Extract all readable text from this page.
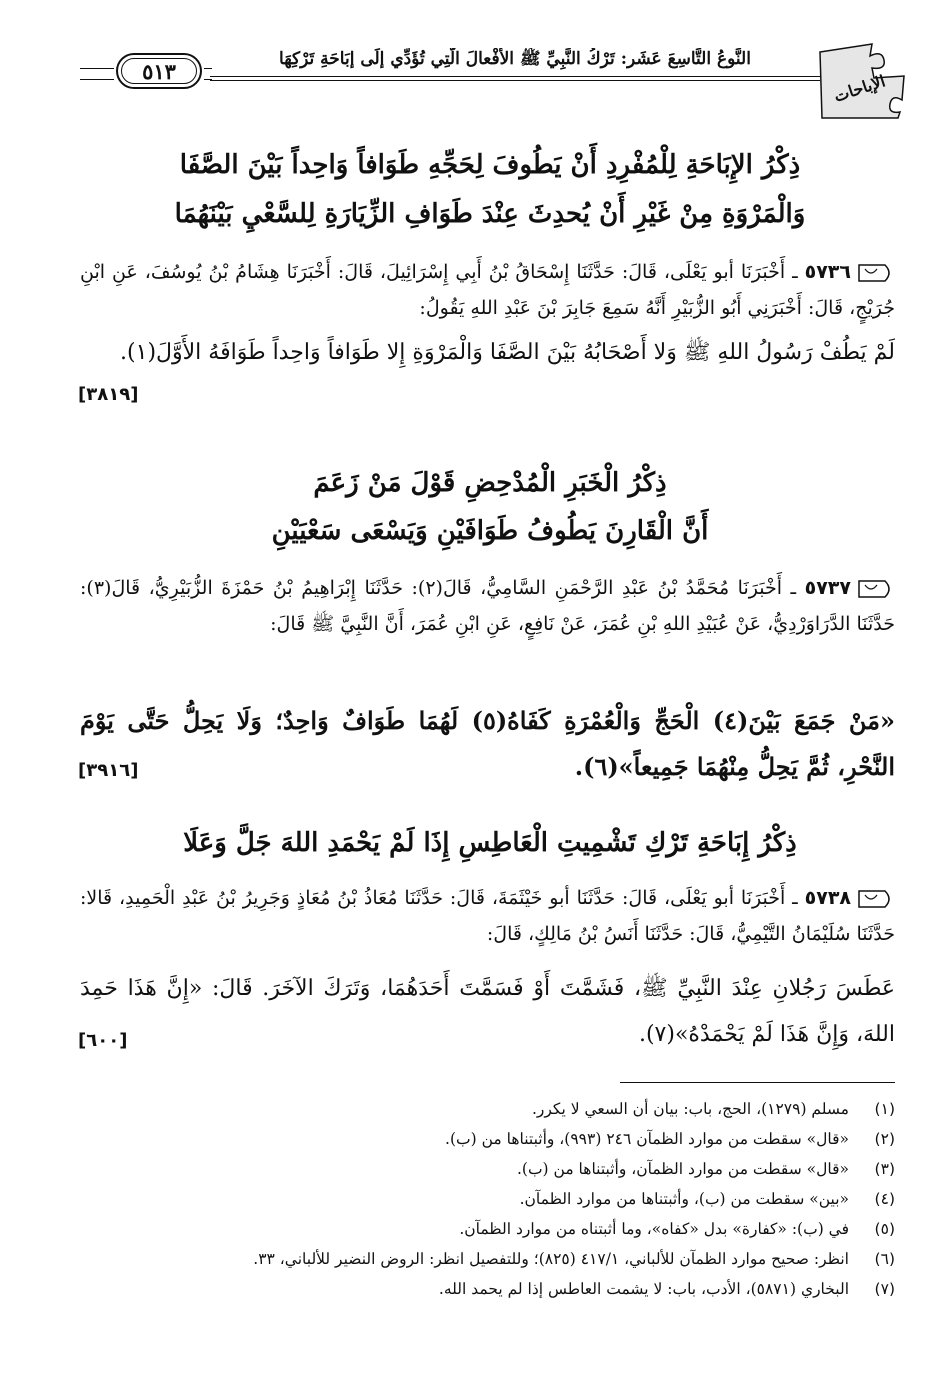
النَّوعُ التَّاسِعَ عَشَر: تَرْكُ النَّبِيِّ ﷺ الأفْعالَ الَّتِي تُؤَدِّي إلَى إبَاحَةِ تَرْكِهَا
٥١٣
الإباحات
ذِكْرُ الإِبَاحَةِ لِلْمُفْرِدِ أَنْ يَطُوفَ لِحَجِّهِ طَوَافاً وَاحِداً بَيْنَ الصَّفَا
وَالْمَرْوَةِ مِنْ غَيْرِ أَنْ يُحدِثَ عِنْدَ طَوَافِ الزِّيَارَةِ لِلسَّعْيِ بَيْنَهُمَا
٥٧٣٦ ـ أَخْبَرَنَا أبو يَعْلَى، قَالَ: حَدَّثَنَا إِسْحَاقُ بْنُ أَبِي إِسْرَائِيلَ، قَالَ: أَخْبَرَنَا هِشَامُ بْنُ يُوسُفَ، عَنِ ابْنِ جُرَيْجٍ، قَالَ: أَخْبَرَنِي أَبُو الزُّبَيْرِ أَنَّهُ سَمِعَ جَابِرَ بْنَ عَبْدِ اللهِ يَقُولُ:
لَمْ يَطُفْ رَسُولُ اللهِ ﷺ وَلا أَصْحَابُهُ بَيْنَ الصَّفَا وَالْمَرْوَةِ إِلا طَوَافاً وَاحِداً طَوَافَهُ الأَوَّلَ(١).
[٣٨١٩]
ذِكْرُ الْخَبَرِ الْمُدْحِضِ قَوْلَ مَنْ زَعَمَ
أَنَّ الْقَارِنَ يَطُوفُ طَوَافَيْنِ وَيَسْعَى سَعْيَيْنِ
٥٧٣٧ ـ أَخْبَرَنَا مُحَمَّدُ بْنُ عَبْدِ الرَّحْمَنِ السَّامِيُّ، قَالَ(٢): حَدَّثَنَا إِبْرَاهِيمُ بْنُ حَمْزَةَ الزُّبَيْرِيُّ، قَالَ(٣): حَدَّثَنَا الدَّرَاوَرْدِيُّ، عَنْ عُبَيْدِ اللهِ بْنِ عُمَرَ، عَنْ نَافِعٍ، عَنِ ابْنِ عُمَرَ، أَنَّ النَّبِيَّ ﷺ قَالَ:
«مَنْ جَمَعَ بَيْنَ(٤) الْحَجِّ وَالْعُمْرَةِ كَفَاهُ(٥) لَهُمَا طَوَافٌ وَاحِدٌ؛ وَلَا يَحِلُّ حَتَّى يَوْمَ النَّحْرِ، ثُمَّ يَحِلُّ مِنْهُمَا جَمِيعاً»(٦).
[٣٩١٦]
ذِكْرُ إِبَاحَةِ تَرْكِ تَشْمِيتِ الْعَاطِسِ إِذَا لَمْ يَحْمَدِ اللهَ جَلَّ وَعَلَا
٥٧٣٨ ـ أَخْبَرَنَا أبو يَعْلَى، قَالَ: حَدَّثَنَا أبو خَيْثَمَةَ، قَالَ: حَدَّثَنَا مُعَاذُ بْنُ مُعَاذٍ وَجَرِيرُ بْنُ عَبْدِ الْحَمِيدِ، قَالا: حَدَّثَنَا سُلَيْمَانُ التَّيْمِيُّ، قَالَ: حَدَّثَنَا أَنَسُ بْنُ مَالِكٍ، قَالَ:
عَطَسَ رَجُلانِ عِنْدَ النَّبِيِّ ﷺ، فَشَمَّتَ أَوْ فَسَمَّتَ أَحَدَهُمَا، وَتَرَكَ الآخَرَ. قَالَ: «إِنَّ هَذَا حَمِدَ اللهَ، وَإِنَّ هَذَا لَمْ يَحْمَدْهُ»(٧).
[٦٠٠]
(١)
مسلم (١٢٧٩)، الحج، باب: بيان أن السعي لا يكرر.
(٢)
«قال» سقطت من موارد الظمآن ٢٤٦ (٩٩٣)، وأثبتناها من (ب).
(٣)
«قال» سقطت من موارد الظمآن، وأثبتناها من (ب).
(٤)
«بين» سقطت من (ب)، وأثبتناها من موارد الظمآن.
(٥)
في (ب): «كفارة» بدل «كفاه»، وما أثبتناه من موارد الظمآن.
(٦)
انظر: صحيح موارد الظمآن للألباني، ٤١٧/١ (٨٢٥)؛ وللتفصيل انظر: الروض النضير للألباني، ٣٣.
(٧)
البخاري (٥٨٧١)، الأدب، باب: لا يشمت العاطس إذا لم يحمد الله.
